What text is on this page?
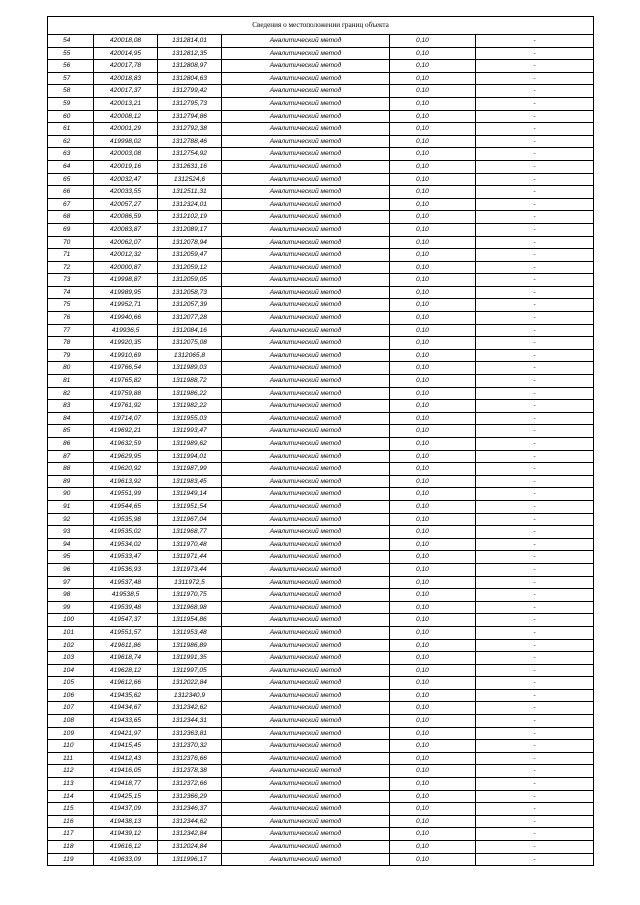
Сведения о местоположении границ объекта					
54	420018,08	1312814,01	Аналитический метод	0,10	-
55	420014,95	1312812,35	Аналитический метод	0,10	-
56	420017,78	1312808,97	Аналитический метод	0,10	-
57	420018,83	1312804,63	Аналитический метод	0,10	-
58	420017,37	1312799,42	Аналитический метод	0,10	-
59	420013,21	1312795,73	Аналитический метод	0,10	-
60	420008,12	1312794,86	Аналитический метод	0,10	-
61	420001,29	1312792,38	Аналитический метод	0,10	-
62	419998,02	1312788,46	Аналитический метод	0,10	-
63	420003,08	1312754,92	Аналитический метод	0,10	-
64	420019,16	1312631,16	Аналитический метод	0,10	-
65	420032,47	1312524,6	Аналитический метод	0,10	-
66	420033,55	1312511,31	Аналитический метод	0,10	-
67	420057,27	1312324,01	Аналитический метод	0,10	-
68	420086,59	1312102,19	Аналитический метод	0,10	-
69	420083,87	1312089,17	Аналитический метод	0,10	-
70	420062,07	1312078,94	Аналитический метод	0,10	-
71	420012,32	1312059,47	Аналитический метод	0,10	-
72	420000,87	1312059,12	Аналитический метод	0,10	-
73	419998,87	1312059,05	Аналитический метод	0,10	-
74	419989,95	1312058,73	Аналитический метод	0,10	-
75	419952,71	1312057,39	Аналитический метод	0,10	-
76	419940,66	1312077,28	Аналитический метод	0,10	-
77	419936,5	1312084,16	Аналитический метод	0,10	-
78	419920,35	1312075,08	Аналитический метод	0,10	-
79	419910,69	1312065,8	Аналитический метод	0,10	-
80	419766,54	1311989,03	Аналитический метод	0,10	-
81	419765,82	1311988,72	Аналитический метод	0,10	-
82	419759,88	1311986,22	Аналитический метод	0,10	-
83	419761,92	1311982,22	Аналитический метод	0,10	-
84	419714,07	1311955,03	Аналитический метод	0,10	-
85	419692,21	1311993,47	Аналитический метод	0,10	-
86	419632,59	1311989,62	Аналитический метод	0,10	-
87	419629,95	1311994,01	Аналитический метод	0,10	-
88	419620,92	1311987,99	Аналитический метод	0,10	-
89	419613,92	1311983,45	Аналитический метод	0,10	-
90	419551,99	1311949,14	Аналитический метод	0,10	-
91	419544,65	1311951,54	Аналитический метод	0,10	-
92	419535,98	1311967,04	Аналитический метод	0,10	-
93	419535,02	1311968,77	Аналитический метод	0,10	-
94	419534,02	1311970,48	Аналитический метод	0,10	-
95	419533,47	1311971,44	Аналитический метод	0,10	-
96	419536,93	1311973,44	Аналитический метод	0,10	-
97	419537,48	1311972,5	Аналитический метод	0,10	-
98	419538,5	1311970,75	Аналитический метод	0,10	-
99	419539,48	1311968,98	Аналитический метод	0,10	-
100	419547,37	1311954,86	Аналитический метод	0,10	-
101	419551,57	1311953,48	Аналитический метод	0,10	-
102	419611,86	1311986,89	Аналитический метод	0,10	-
103	419618,74	1311991,35	Аналитический метод	0,10	-
104	419628,12	1311997,05	Аналитический метод	0,10	-
105	419612,66	1312022,84	Аналитический метод	0,10	-
106	419435,62	1312340,9	Аналитический метод	0,10	-
107	419434,67	1312342,62	Аналитический метод	0,10	-
108	419433,65	1312344,31	Аналитический метод	0,10	-
109	419421,97	1312363,81	Аналитический метод	0,10	-
110	419415,45	1312370,32	Аналитический метод	0,10	-
111	419412,43	1312376,66	Аналитический метод	0,10	-
112	419416,05	1312378,38	Аналитический метод	0,10	-
113	419418,77	1312372,66	Аналитический метод	0,10	-
114	419425,15	1312366,29	Аналитический метод	0,10	-
115	419437,09	1312346,37	Аналитический метод	0,10	-
116	419438,13	1312344,62	Аналитический метод	0,10	-
117	419439,12	1312342,84	Аналитический метод	0,10	-
118	419616,12	1312024,84	Аналитический метод	0,10	-
119	419633,09	1311996,17	Аналитический метод	0,10	-
